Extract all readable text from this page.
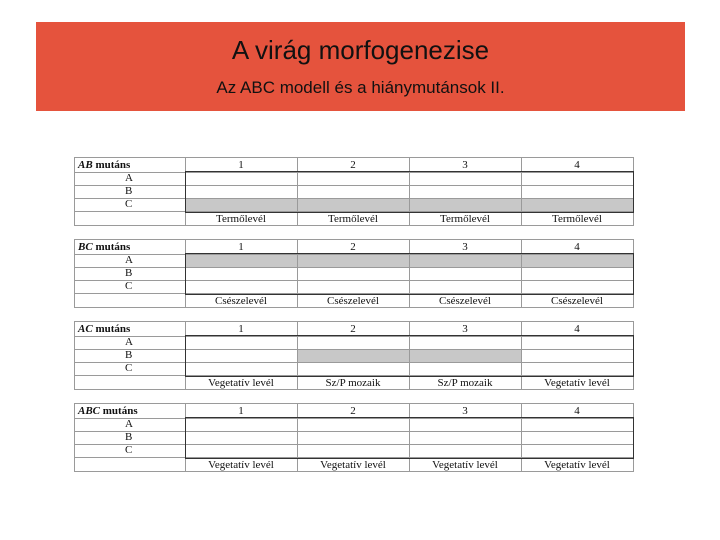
A virág morfogenezise
Az ABC modell és a hiánymutánsok II.
AB mutáns	1	2	3	4
A
B
C
Termőlevél	Termőlevél	Termőlevél	Termőlevél
BC mutáns	1	2	3	4
A
B
C
Csészelevél	Csészelevél	Csészelevél	Csészelevél
AC mutáns	1	2	3	4
A
B
C
Vegetatív levél	Sz/P mozaik	Sz/P mozaik	Vegetatív levél
ABC mutáns	1	2	3	4
A
B
C
Vegetatív levél	Vegetatív levél	Vegetatív levél	Vegetatív levél
